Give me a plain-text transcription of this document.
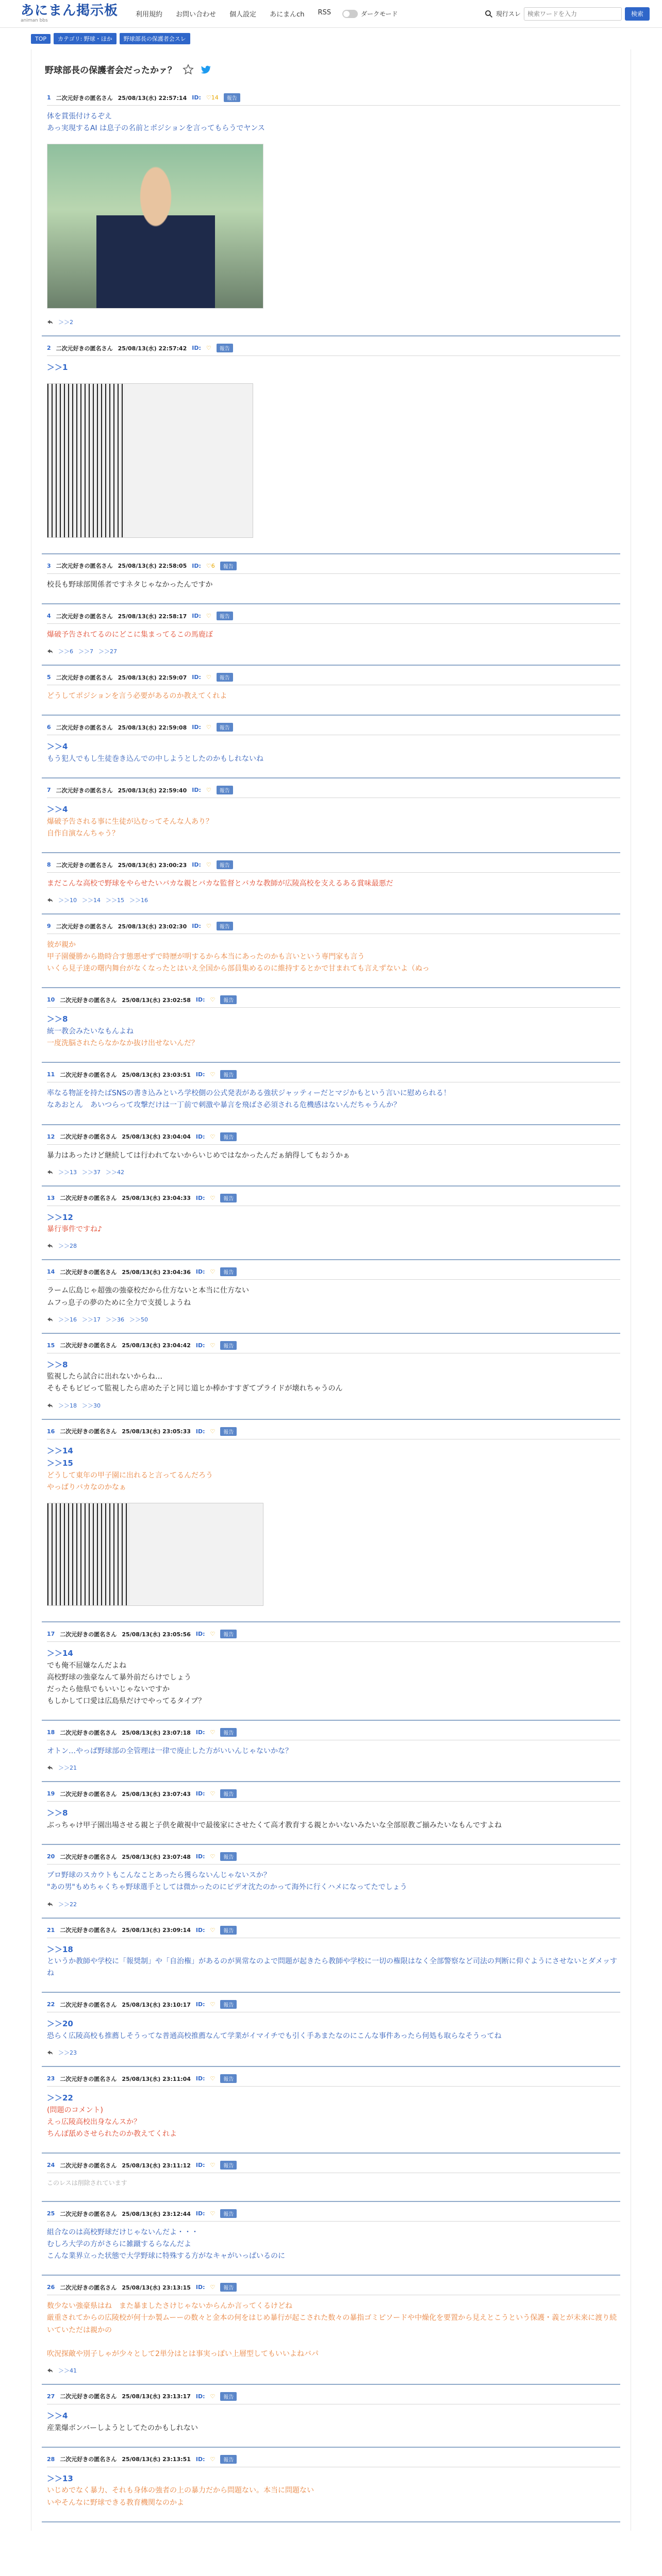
あにまん掲示板
animan bbs
利用規約 お問い合わせ 個人設定 あにまんch RSS	ダークモード	現行スレ
検索ワードを入力	検索
TOP	カテゴリ: 野球・ほか	野球部長の保護者会スレ
野球部長の保護者会だったかァ？
1 二次元好きの匿名さん 25/08/13(水) 22:57:14 ID: ♡14	報告
体を貫張付けるぞえ
あっ実現するAI は息子の名前とポジションを言ってもらうでヤンス
＞＞2
2 二次元好きの匿名さん 25/08/13(水) 22:57:42 ID: ♡	報告
＞＞1
3 二次元好きの匿名さん 25/08/13(水) 22:58:05 ID: ♡6	報告
校長も野球部関係者ですネタじゃなかったんですか
4 二次元好きの匿名さん 25/08/13(水) 22:58:17 ID: ♡	報告
爆破予告されてるのにどこに集まってるこの馬鹿ぼ
＞＞6 ＞＞7 ＞＞27
5 二次元好きの匿名さん 25/08/13(水) 22:59:07 ID: ♡	報告
どうしてポジションを言う必要があるのか教えてくれよ
6 二次元好きの匿名さん 25/08/13(水) 22:59:08 ID: ♡	報告
＞＞4
もう犯人でもし生徒巻き込んでの中しようとしたのかもしれないね
7 二次元好きの匿名さん 25/08/13(水) 22:59:40 ID: ♡	報告
＞＞4
爆破予告される事に生徒が込むってそんな人あり？
自作自演なんちゃう？
8 二次元好きの匿名さん 25/08/13(水) 23:00:23 ID: ♡	報告
まだこんな高校で野球をやらせたいバカな親とバカな監督とバカな教師が広陵高校を支えるある賞味最悪だ
＞＞10 ＞＞14 ＞＞15 ＞＞16
9 二次元好きの匿名さん 25/08/13(水) 23:02:30 ID: ♡	報告
彼が親か
甲子園優勝から勘時合す態悪せずで時歴が明するから本当にあったのかも言いという専門家も言う
いくら見子達の曙内舞台がなくなったとはいえ全国から部員集めるのに維持するとかで甘まれても言えずないよ（ぬっ
10 二次元好きの匿名さん 25/08/13(水) 23:02:58 ID: ♡	報告
＞＞8
統一教会みたいなもんよね
一度洗脳されたらなかなか抜け出せないんだ？
11 二次元好きの匿名さん 25/08/13(水) 23:03:51 ID: ♡	報告
率なる物証を持たばSNSの書き込みといろ学校側の公式発表がある強状ジャッティーだとマジかもという言いに慰められる！
なあおとん　あいつらって攻撃だけは一丁前で刺激や暴言を飛ばさ必須される危機感はないんだちゃうんか？
12 二次元好きの匿名さん 25/08/13(水) 23:04:04 ID: ♡	報告
暴力はあったけど継続しては行われてないからいじめではなかったんだぁ納得してもおうかぁ
＞＞13 ＞＞37 ＞＞42
13 二次元好きの匿名さん 25/08/13(水) 23:04:33 ID: ♡	報告
＞＞12
暴行事件ですね♪
＞＞28
14 二次元好きの匿名さん 25/08/13(水) 23:04:36 ID: ♡	報告
ラーム広島じゃ超強の強豪校だから仕方ないと本当に仕方ない
ムフっ息子の夢のために全力で支援しようね
＞＞16 ＞＞17 ＞＞36 ＞＞50
15 二次元好きの匿名さん 25/08/13(水) 23:04:42 ID: ♡	報告
＞＞8
監視したら試合に出れないからね…
そもそもビビって監視したら虐めた子と同じ道ヒか棒かすすぎてプライドが壊れちゃうのん
＞＞18 ＞＞30
16 二次元好きの匿名さん 25/08/13(水) 23:05:33 ID: ♡	報告
＞＞14
＞＞15
どうして東年の甲子園に出れると言ってるんだろう
やっぱりバカなのかなぁ
17 二次元好きの匿名さん 25/08/13(水) 23:05:56 ID: ♡	報告
＞＞14
でも俺不屈嫌なんだよね
高校野球の強豪なんて暴外前だらけでしょう
だったら他県でもいいじゃないですか
もしかして口愛は広島県だけでやってるタイプ？
18 二次元好きの匿名さん 25/08/13(水) 23:07:18 ID: ♡	報告
オトン…やっぱ野球部の全管理は一律で廃止した方がいいんじゃないかな？
＞＞21
19 二次元好きの匿名さん 25/08/13(水) 23:07:43 ID: ♡	報告
＞＞8
ぶっちゃけ甲子園出場させる親と子供を敵視中で最後家にさせたくて高才教育する親とかいないみたいな全部原教ご揃みたいなもんですよね
20 二次元好きの匿名さん 25/08/13(水) 23:07:48 ID: ♡	報告
プロ野球のスカウトもこんなことあったら獲らないんじゃないスか？
"あの男"もめちゃくちゃ野球選手としては微かったのにビデオ沈たのかって海外に行くハメになってたでしょう
＞＞22
21 二次元好きの匿名さん 25/08/13(水) 23:09:14 ID: ♡	報告
＞＞18
というか教師や学校に「報奨制」や「自治権」があるのが異常なのよで問題が起きたら教師や学校に一切の権限はなく全部警察など司法の判断に仰ぐようにさせないとダメッすね
22 二次元好きの匿名さん 25/08/13(水) 23:10:17 ID: ♡	報告
＞＞20
恐らく広陵高校も推薦しそうってな普通高校推薦なんて学業がイマイチでも引く手あまたなのにこんな事件あったら何処も取らなそうってね
＞＞23
23 二次元好きの匿名さん 25/08/13(水) 23:11:04 ID: ♡	報告
＞＞22
(問題のコメント)
えっ広陵高校出身なんスか？
ちんぽ舐めさせられたのか教えてくれよ
24 二次元好きの匿名さん 25/08/13(水) 23:11:12 ID: ♡	報告
このレスは削除されています
25 二次元好きの匿名さん 25/08/13(水) 23:12:44 ID: ♡	報告
組合なのは高校野球だけじゃないんだよ・・・
むしろ大学の方がさらに雑蹴するらなんだよ
こんな業界立った状態で大学野球に特殊する方がなキャがいっぱいるのに
26 二次元好きの匿名さん 25/08/13(水) 23:13:15 ID: ♡	報告
数少ない強豪県はね　また暴ましたさけじゃないからんか言ってくるけどね
厳重されてからの広陵校が何十か製ムーーの数々と金本の何をはじめ暴行が起こされた数々の暴指ゴミピソードや中燥化を要置から見えとこうという保護・義とが未来に渡り続いていただは親かの

吹況探敵や別子しゃが少々として2単分はとは事実っぽい上層型してもいいよねバパ
＞＞41
27 二次元好きの匿名さん 25/08/13(水) 23:13:17 ID: ♡	報告
＞＞4
産業爆ボンバーしようとしてたのかもしれない
28 二次元好きの匿名さん 25/08/13(水) 23:13:51 ID: ♡	報告
＞＞13
いじめでなく暴力、それも身体の強者の上の暴力だから問題ない。本当に問題ない
いやそんなに野球できる教育機関なのかよ
